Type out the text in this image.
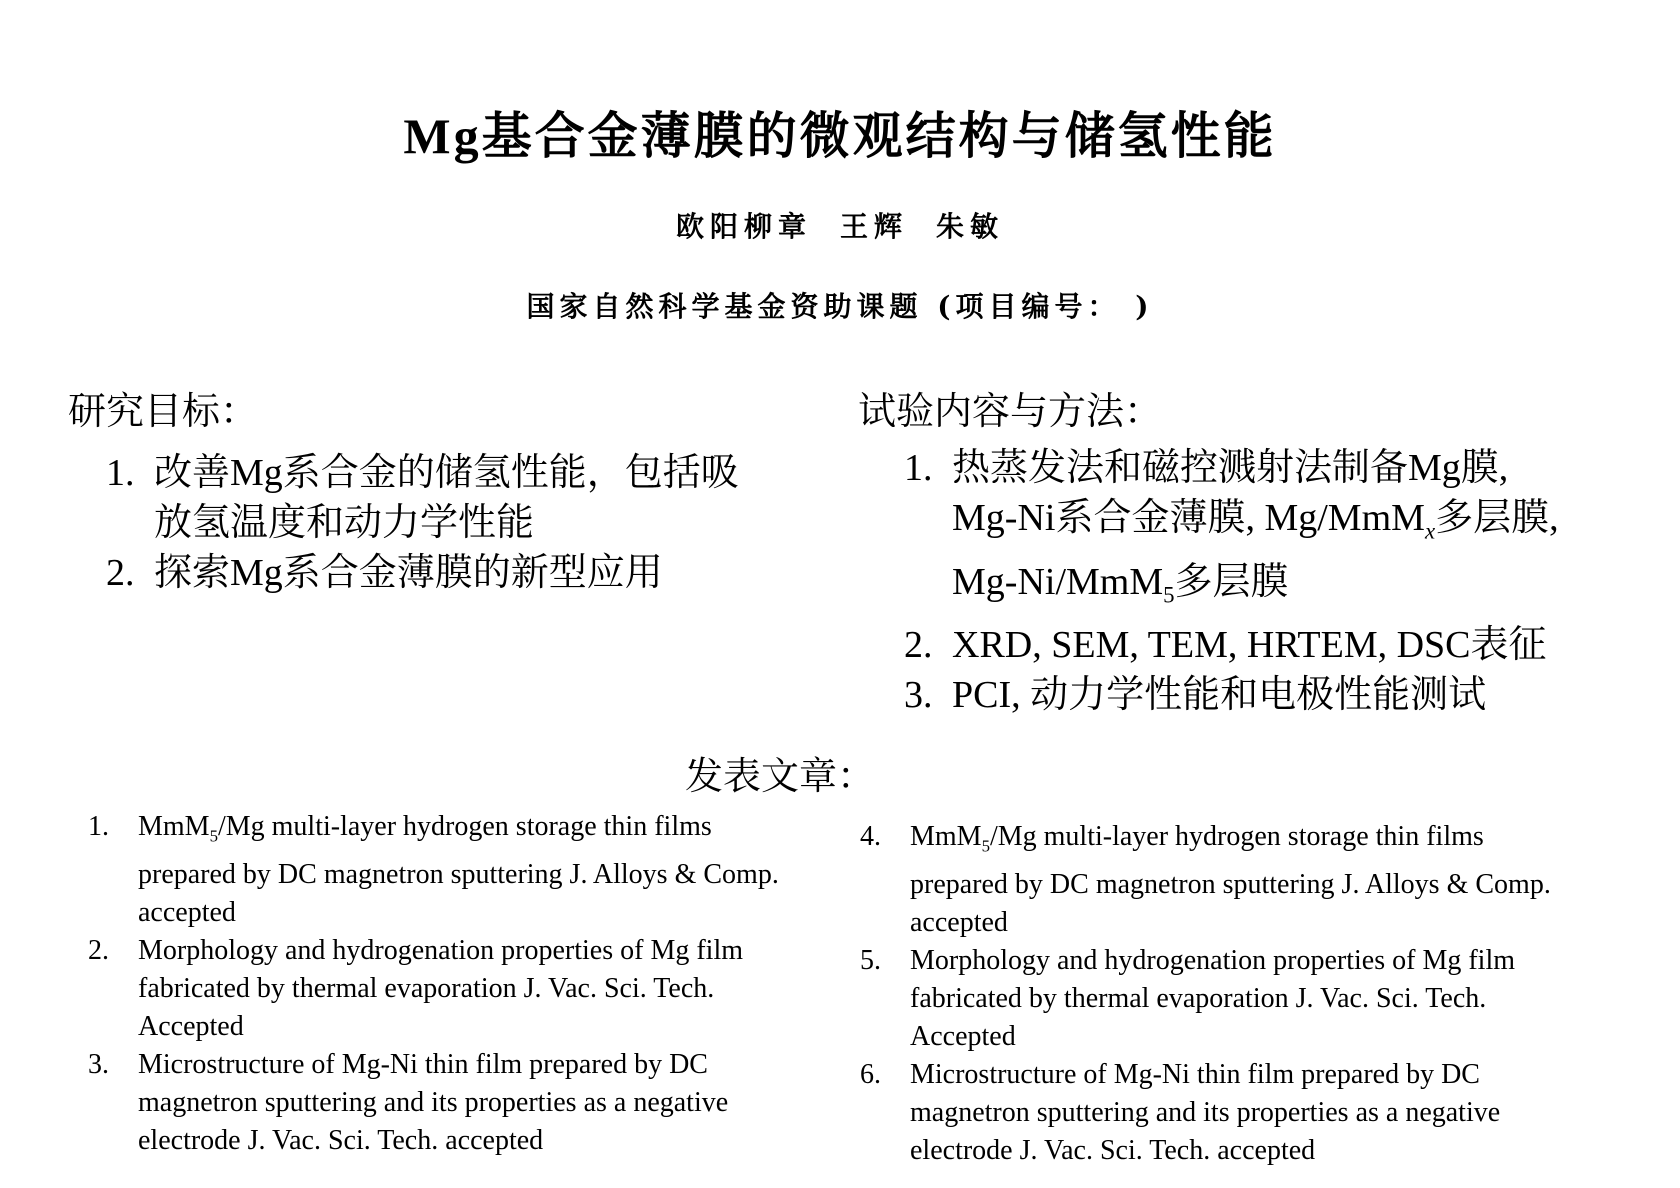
Mg基合金薄膜的微观结构与储氢性能
欧阳柳章 王辉 朱敏
国家自然科学基金资助课题 (项目编号： )
研究目标：
1. 改善Mg系合金的储氢性能，包括吸放氢温度和动力学性能
2. 探索Mg系合金薄膜的新型应用
试验内容与方法：
1. 热蒸发法和磁控溅射法制备Mg膜,
Mg-Ni系合金薄膜, Mg/MmM$_x$多层膜,
Mg-Ni/MmM$_5$多层膜
2. XRD, SEM, TEM, HRTEM, DSC表征
3. PCI, 动力学性能和电极性能测试
发表文章：
1.	MmM$_5$/Mg multi-layer hydrogen storage thin films prepared by DC magnetron sputtering J. Alloys & Comp. accepted
2.	Morphology and hydrogenation properties of Mg film fabricated by thermal evaporation J. Vac. Sci. Tech. Accepted
3.	Microstructure of Mg-Ni thin film prepared by DC magnetron sputtering and its properties as a negative electrode J. Vac. Sci. Tech. accepted
4.	MmM$_5$/Mg multi-layer hydrogen storage thin films prepared by DC magnetron sputtering J. Alloys & Comp. accepted
5.	Morphology and hydrogenation properties of Mg film fabricated by thermal evaporation J. Vac. Sci. Tech. Accepted
6.	Microstructure of Mg-Ni thin film prepared by DC magnetron sputtering and its properties as a negative electrode J. Vac. Sci. Tech. accepted
